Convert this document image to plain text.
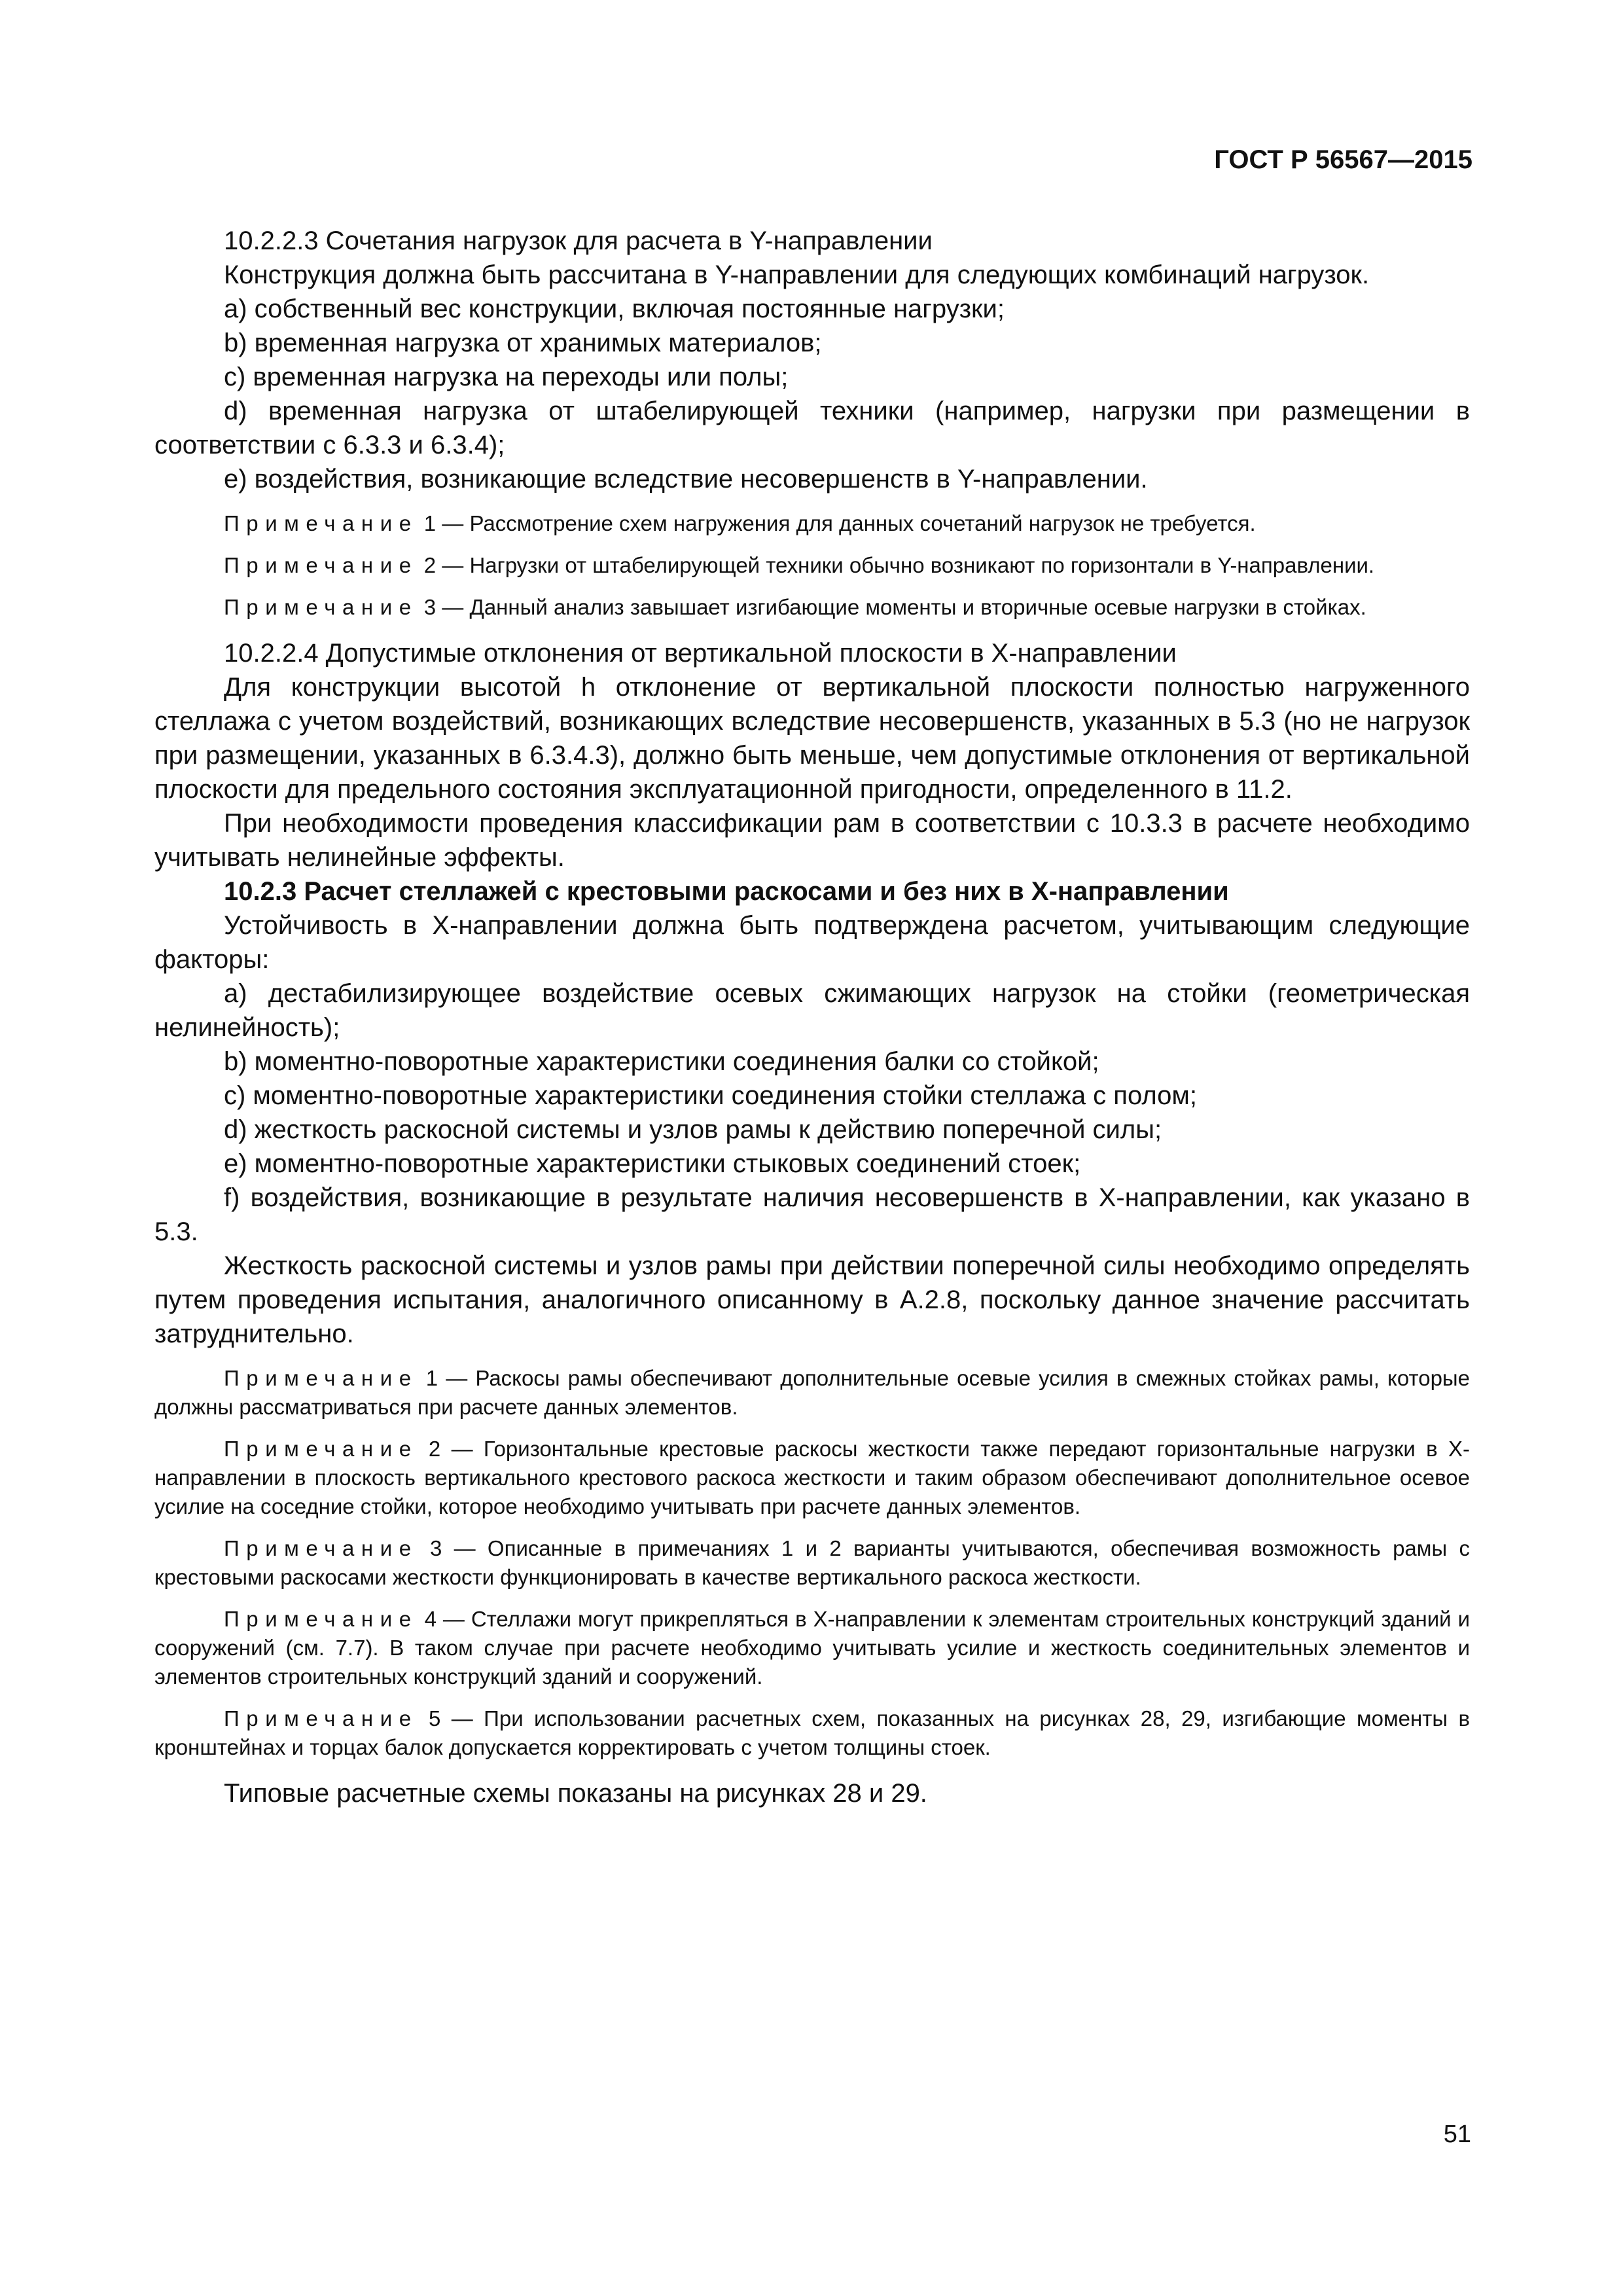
ГОСТ Р 56567—2015

10.2.2.3 Сочетания нагрузок для расчета в Y-направлении

Конструкция должна быть рассчитана в Y-направлении для следующих комбинаций нагрузок.

a) собственный вес конструкции, включая постоянные нагрузки;

b) временная нагрузка от хранимых материалов;

c) временная нагрузка на переходы или полы;

d) временная нагрузка от штабелирующей техники (например, нагрузки при размещении в соответствии с 6.3.3 и 6.3.4);

e) воздействия, возникающие вследствие несовершенств в Y-направлении.

Примечание 1 — Рассмотрение схем нагружения для данных сочетаний нагрузок не требуется.

Примечание 2 — Нагрузки от штабелирующей техники обычно возникают по горизонтали в Y-направлении.

Примечание 3 — Данный анализ завышает изгибающие моменты и вторичные осевые нагрузки в стойках.

10.2.2.4 Допустимые отклонения от вертикальной плоскости в X-направлении

Для конструкции высотой h отклонение от вертикальной плоскости полностью нагруженного стеллажа с учетом воздействий, возникающих вследствие несовершенств, указанных в 5.3 (но не нагрузок при размещении, указанных в 6.3.4.3), должно быть меньше, чем допустимые отклонения от вертикальной плоскости для предельного состояния эксплуатационной пригодности, определенного в 11.2.

При необходимости проведения классификации рам в соответствии с 10.3.3 в расчете необходимо учитывать нелинейные эффекты.

10.2.3 Расчет стеллажей с крестовыми раскосами и без них в X-направлении

Устойчивость в X-направлении должна быть подтверждена расчетом, учитывающим следующие факторы:

a) дестабилизирующее воздействие осевых сжимающих нагрузок на стойки (геометрическая нелинейность);

b) моментно-поворотные характеристики соединения балки со стойкой;

c) моментно-поворотные характеристики соединения стойки стеллажа с полом;

d) жесткость раскосной системы и узлов рамы к действию поперечной силы;

e) моментно-поворотные характеристики стыковых соединений стоек;

f) воздействия, возникающие в результате наличия несовершенств в X-направлении, как указано в 5.3.

Жесткость раскосной системы и узлов рамы при действии поперечной силы необходимо определять путем проведения испытания, аналогичного описанному в А.2.8, поскольку данное значение рассчитать затруднительно.

Примечание 1 — Раскосы рамы обеспечивают дополнительные осевые усилия в смежных стойках рамы, которые должны рассматриваться при расчете данных элементов.

Примечание 2 — Горизонтальные крестовые раскосы жесткости также передают горизонтальные нагрузки в X-направлении в плоскость вертикального крестового раскоса жесткости и таким образом обеспечивают дополнительное осевое усилие на соседние стойки, которое необходимо учитывать при расчете данных элементов.

Примечание 3 — Описанные в примечаниях 1 и 2 варианты учитываются, обеспечивая возможность рамы с крестовыми раскосами жесткости функционировать в качестве вертикального раскоса жесткости.

Примечание 4 — Стеллажи могут прикрепляться в X-направлении к элементам строительных конструкций зданий и сооружений (см. 7.7). В таком случае при расчете необходимо учитывать усилие и жесткость соединительных элементов и элементов строительных конструкций зданий и сооружений.

Примечание 5 — При использовании расчетных схем, показанных на рисунках 28, 29, изгибающие моменты в кронштейнах и торцах балок допускается корректировать с учетом толщины стоек.

Типовые расчетные схемы показаны на рисунках 28 и 29.

51
